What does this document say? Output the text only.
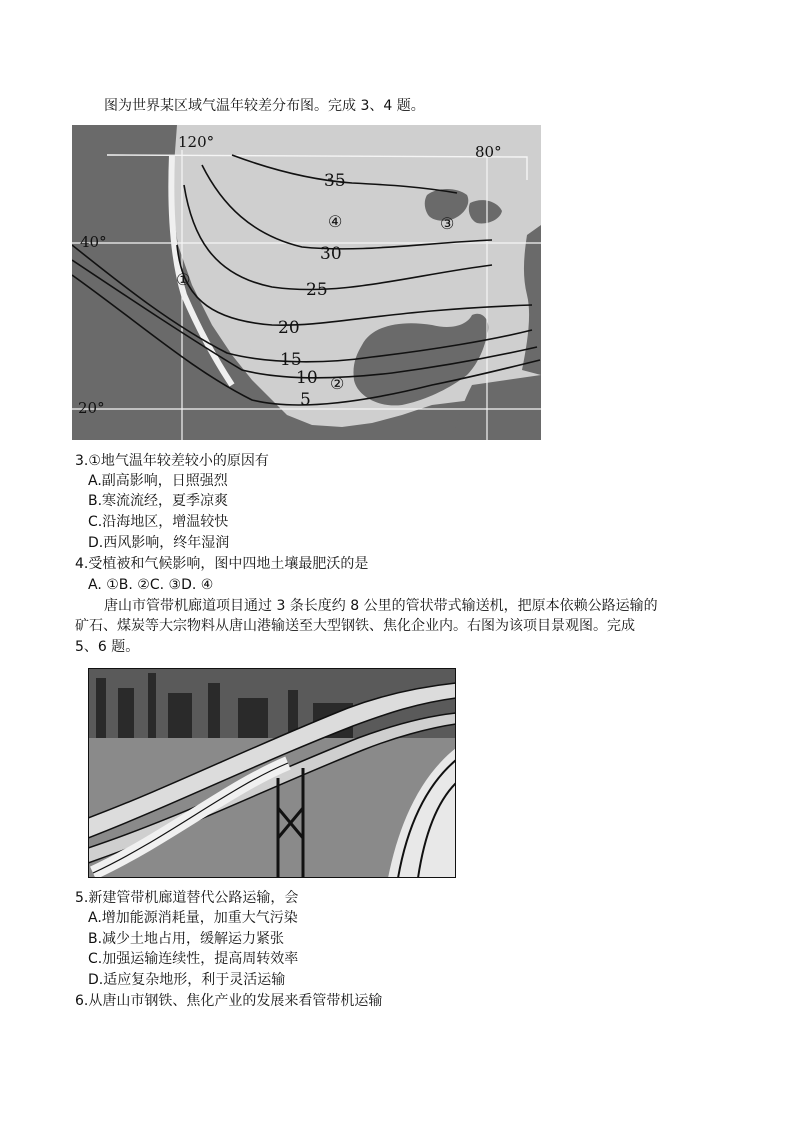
图为世界某区域气温年较差分布图。完成 3、4 题。
35
30
25
20
15
10
5
120°
80°
40°
20°
①
②
③
④
3.①地气温年较差较小的原因有
A.副高影响，日照强烈
B.寒流流经，夏季凉爽
C.沿海地区，增温较快
D.西风影响，终年湿润
4.受植被和气候影响，图中四地土壤最肥沃的是
A. ①B. ②C. ③D. ④
唐山市管带机廊道项目通过 3 条长度约 8 公里的管状带式输送机，把原本依赖公路运输的
矿石、煤炭等大宗物料从唐山港输送至大型钢铁、焦化企业内。右图为该项目景观图。完成
5、6 题。
5.新建管带机廊道替代公路运输，会
A.增加能源消耗量，加重大气污染
B.减少土地占用，缓解运力紧张
C.加强运输连续性，提高周转效率
D.适应复杂地形，利于灵活运输
6.从唐山市钢铁、焦化产业的发展来看管带机运输
